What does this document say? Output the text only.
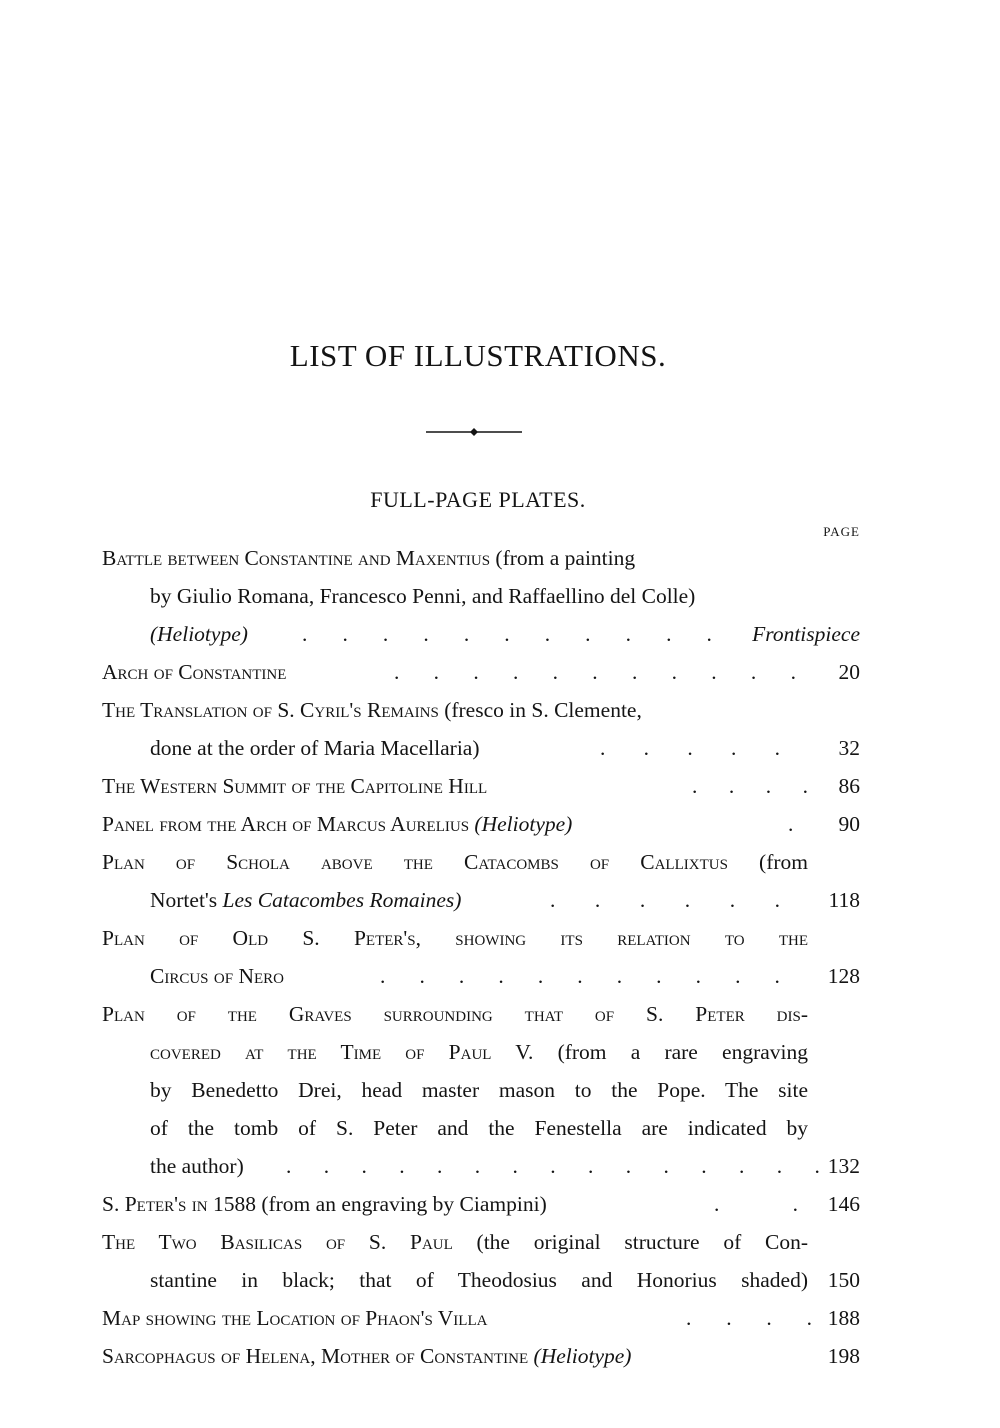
LIST OF ILLUSTRATIONS.
FULL-PAGE PLATES.
PAGE
Battle between Constantine and Maxentius (from a painting
by Giulio Romana, Francesco Penni, and Raffaellino del Colle)
(Heliotype)	. . . . . . . . . . . Frontispiece
Arch of Constantine	. . . . . . . . . . . 20
The Translation of S. Cyril's Remains (fresco in S. Clemente,
done at the order of Maria Macellaria)	. . . . .	32
The Western Summit of the Capitoline Hill	. . . . 86
Panel from the Arch of Marcus Aurelius (Heliotype)	. 90
Plan of Schola above the Catacombs of Callixtus (from
Nortet's Les Catacombes Romaines)	. . . . . . 118
Plan of Old S. Peter's, showing its relation to the
Circus of Nero	. . . . . . . . . . . 128
Plan of the Graves surrounding that of S. Peter dis-
covered at the Time of Paul V. (from a rare engraving
by Benedetto Drei, head master mason to the Pope. The site
of the tomb of S. Peter and the Fenestella are indicated by
the author) . . . . . . . . . . . . . . . 132
S. Peter's in 1588 (from an engraving by Ciampini)	.	. 146
The Two Basilicas of S. Paul (the original structure of Con-
stantine in black; that of Theodosius and Honorius shaded) 150
Map showing the Location of Phaon's Villa	. . . . 188
Sarcophagus of Helena, Mother of Constantine (Heliotype)	198
